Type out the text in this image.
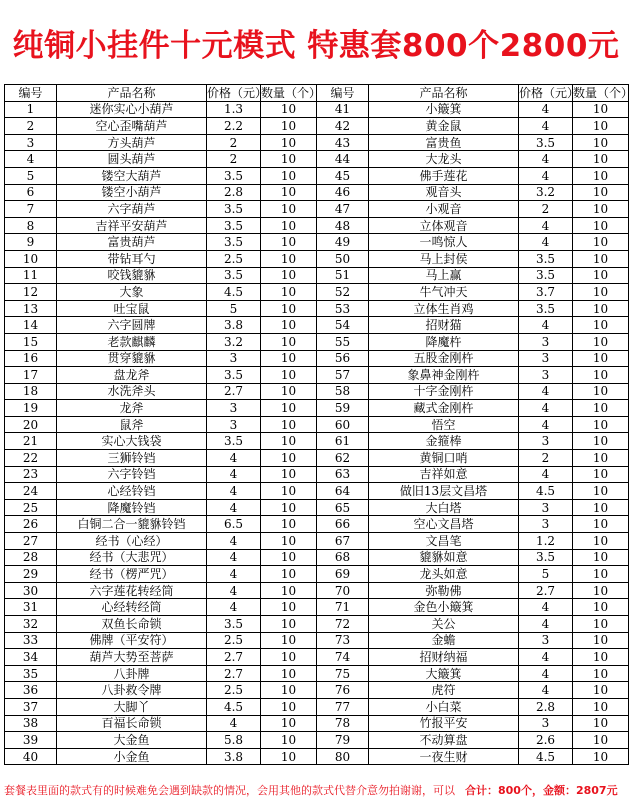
纯铜小挂件十元模式 特惠套800个2800元
编号	产品名称	价格（元）	数量（个）	编号	产品名称	价格（元）	数量（个）
1	迷你实心小葫芦	1.3	10	41	小簸箕	4	10
2	空心歪嘴葫芦	2.2	10	42	黄金鼠	4	10
3	方头葫芦	2	10	43	富贵鱼	3.5	10
4	圆头葫芦	2	10	44	大龙头	4	10
5	镂空大葫芦	3.5	10	45	佛手莲花	4	10
6	镂空小葫芦	2.8	10	46	观音头	3.2	10
7	六字葫芦	3.5	10	47	小观音	2	10
8	吉祥平安葫芦	3.5	10	48	立体观音	4	10
9	富贵葫芦	3.5	10	49	一鸣惊人	4	10
10	带钻耳勺	2.5	10	50	马上封侯	3.5	10
11	咬钱貔貅	3.5	10	51	马上赢	3.5	10
12	大象	4.5	10	52	牛气冲天	3.7	10
13	吐宝鼠	5	10	53	立体生肖鸡	3.5	10
14	六字圆牌	3.8	10	54	招财猫	4	10
15	老款麒麟	3.2	10	55	降魔杵	3	10
16	贯穿貔貅	3	10	56	五股金刚杵	3	10
17	盘龙斧	3.5	10	57	象鼻神金刚杵	3	10
18	水洗斧头	2.7	10	58	十字金刚杵	4	10
19	龙斧	3	10	59	藏式金刚杵	4	10
20	鼠斧	3	10	60	悟空	4	10
21	实心大钱袋	3.5	10	61	金箍棒	3	10
22	三狮铃铛	4	10	62	黄铜口哨	2	10
23	六字铃铛	4	10	63	吉祥如意	4	10
24	心经铃铛	4	10	64	做旧13层文昌塔	4.5	10
25	降魔铃铛	4	10	65	大白塔	3	10
26	白铜二合一貔貅铃铛	6.5	10	66	空心文昌塔	3	10
27	经书（心经）	4	10	67	文昌笔	1.2	10
28	经书（大悲咒）	4	10	68	貔貅如意	3.5	10
29	经书（楞严咒）	4	10	69	龙头如意	5	10
30	六字莲花转经筒	4	10	70	弥勒佛	2.7	10
31	心经转经筒	4	10	71	金色小簸箕	4	10
32	双鱼长命锁	3.5	10	72	关公	4	10
33	佛牌（平安符）	2.5	10	73	金蟾	3	10
34	葫芦大势至菩萨	2.7	10	74	招财纳福	4	10
35	八卦牌	2.7	10	75	大簸箕	4	10
36	八卦救令牌	2.5	10	76	虎符	4	10
37	大脚丫	4.5	10	77	小白菜	2.8	10
38	百福长命锁	4	10	78	竹报平安	3	10
39	大金鱼	5.8	10	79	不动算盘	2.6	10
40	小金鱼	3.8	10	80	一夜生财	4.5	10
套餐表里面的款式有的时候难免会遇到缺款的情况，会用其他的款式代替介意勿拍谢谢，可以 合计：800个，金额：2807元
